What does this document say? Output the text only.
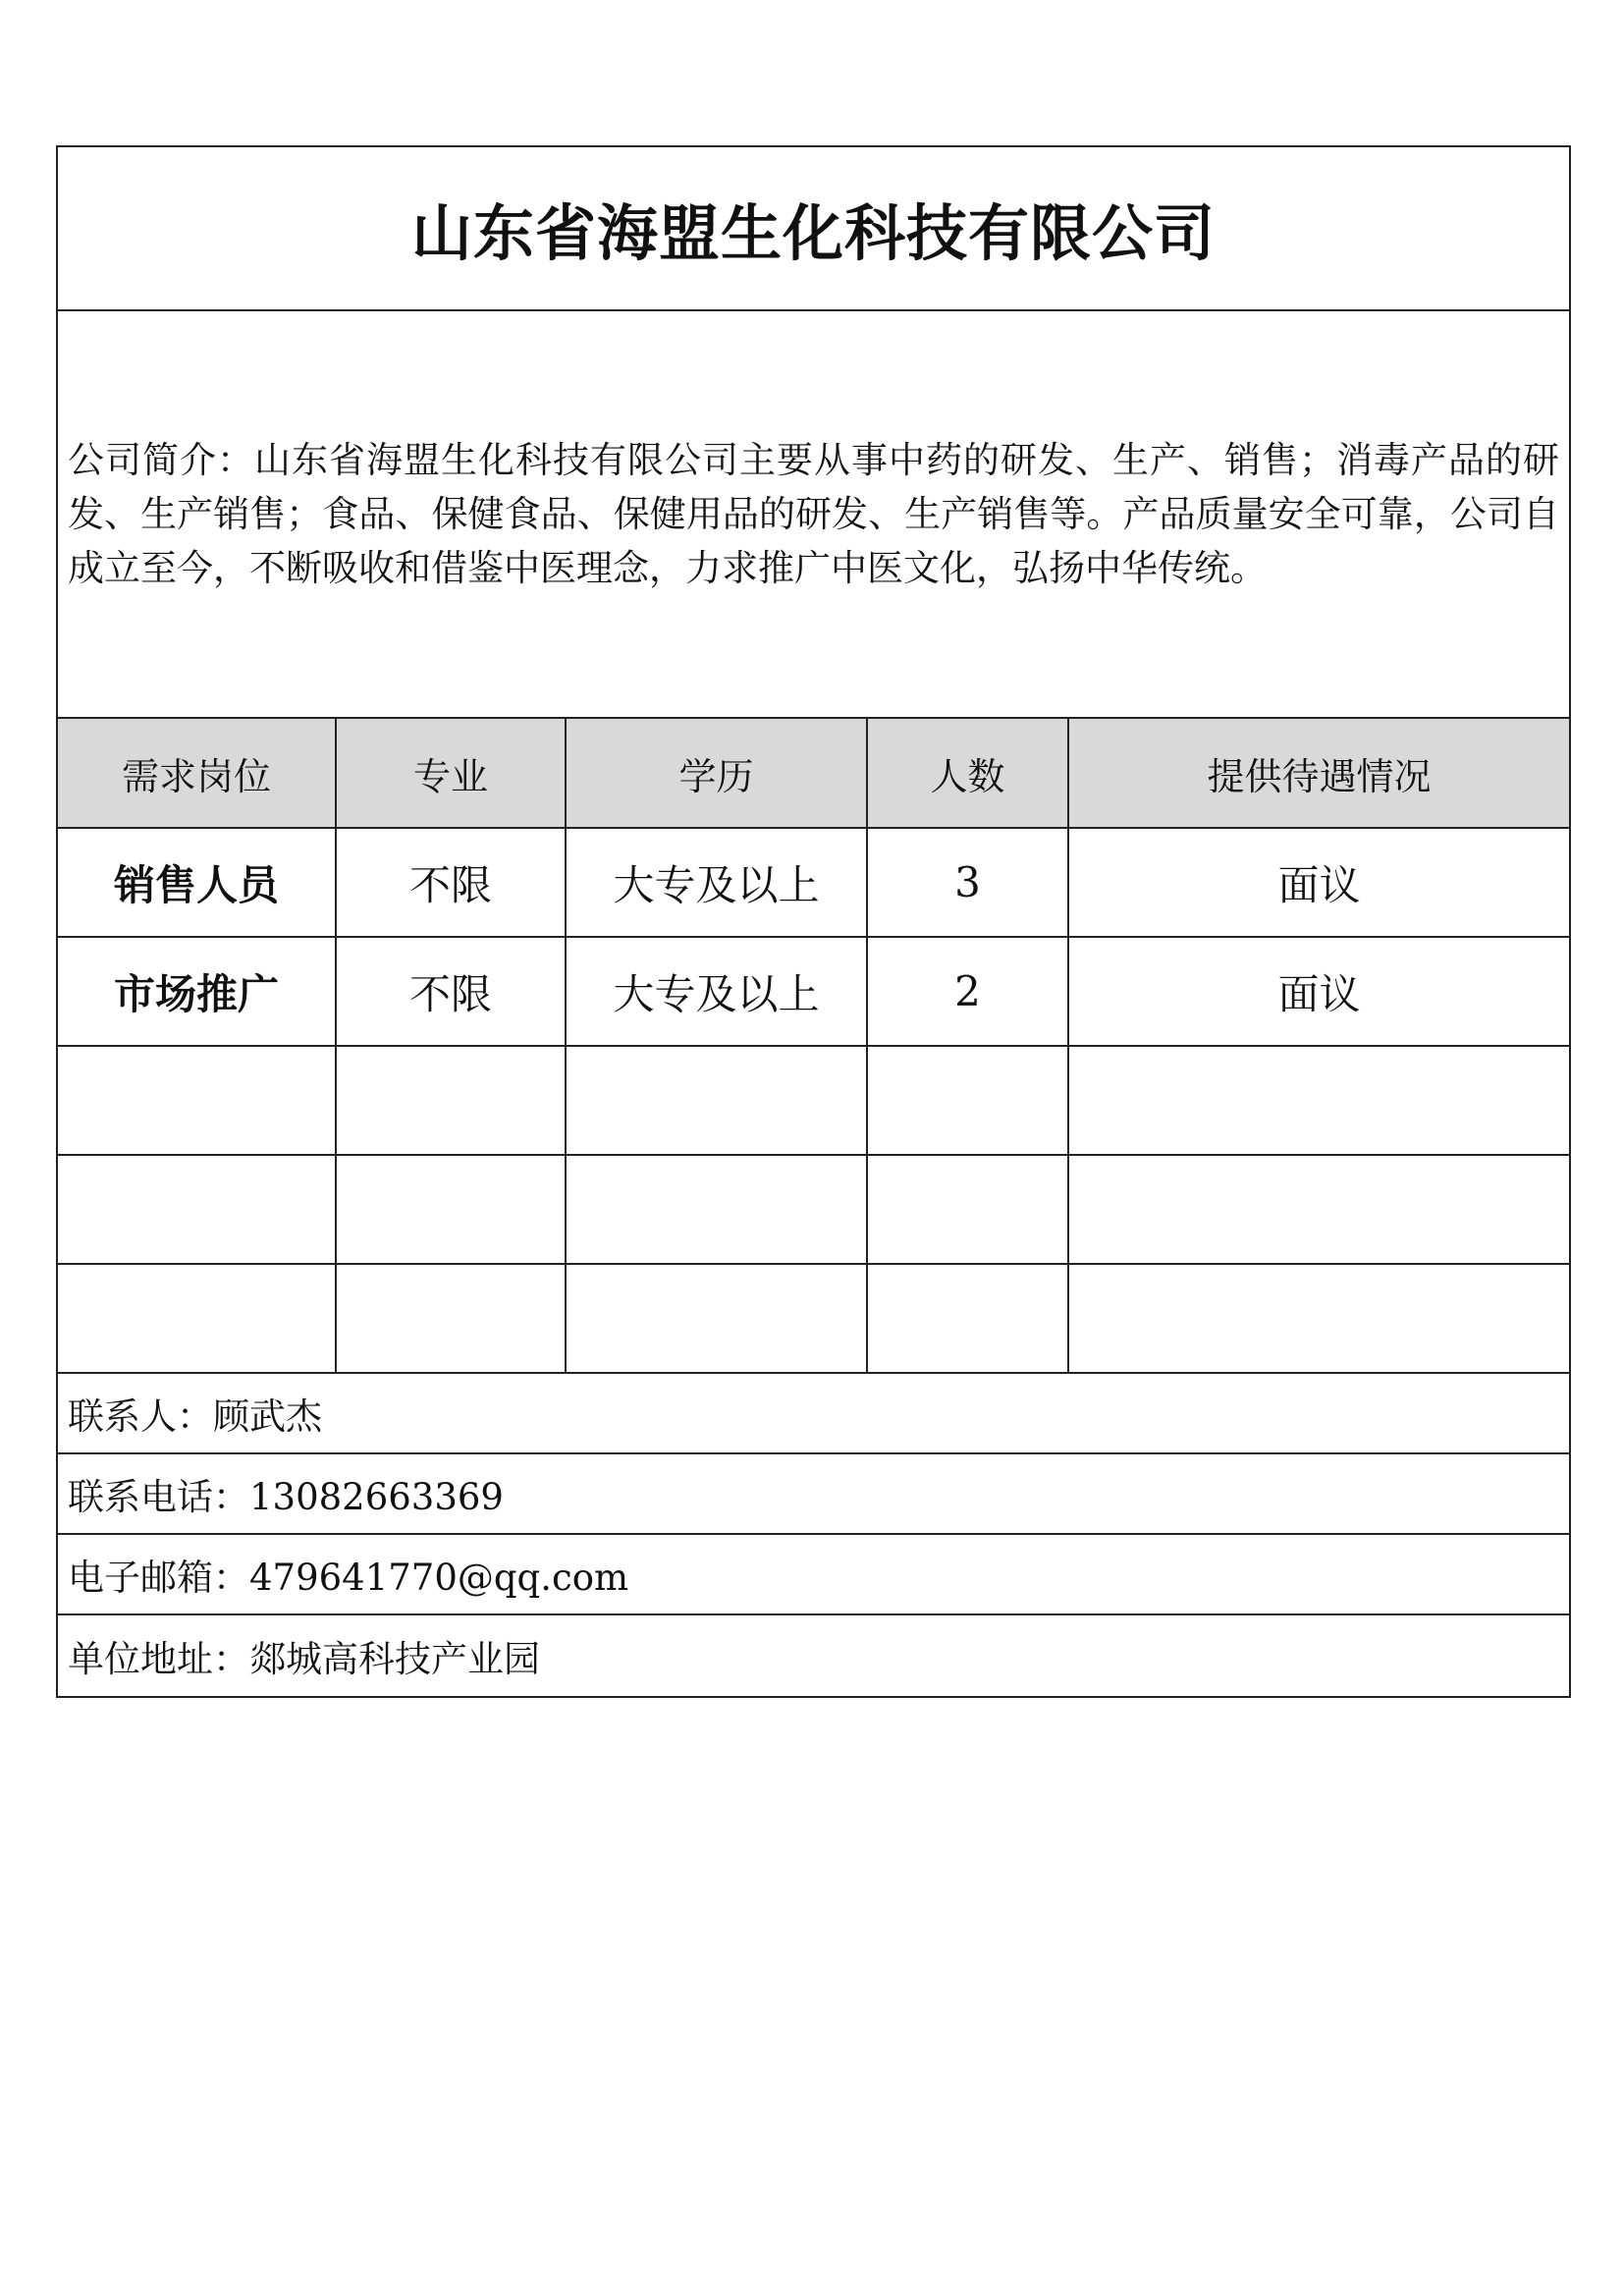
山东省海盟生化科技有限公司
公司简介：山东省海盟生化科技有限公司主要从事中药的研发、生产、销售；消毒产品的研发、生产销售；食品、保健食品、保健用品的研发、生产销售等。产品质量安全可靠，公司自成立至今，不断吸收和借鉴中医理念，力求推广中医文化，弘扬中华传统。
需求岗位	专业	学历	人数	提供待遇情况
销售人员	不限	大专及以上	3	面议
市场推广	不限	大专及以上	2	面议

联系人：顾武杰
联系电话：13082663369
电子邮箱：479641770@qq.com
单位地址：郯城高科技产业园
